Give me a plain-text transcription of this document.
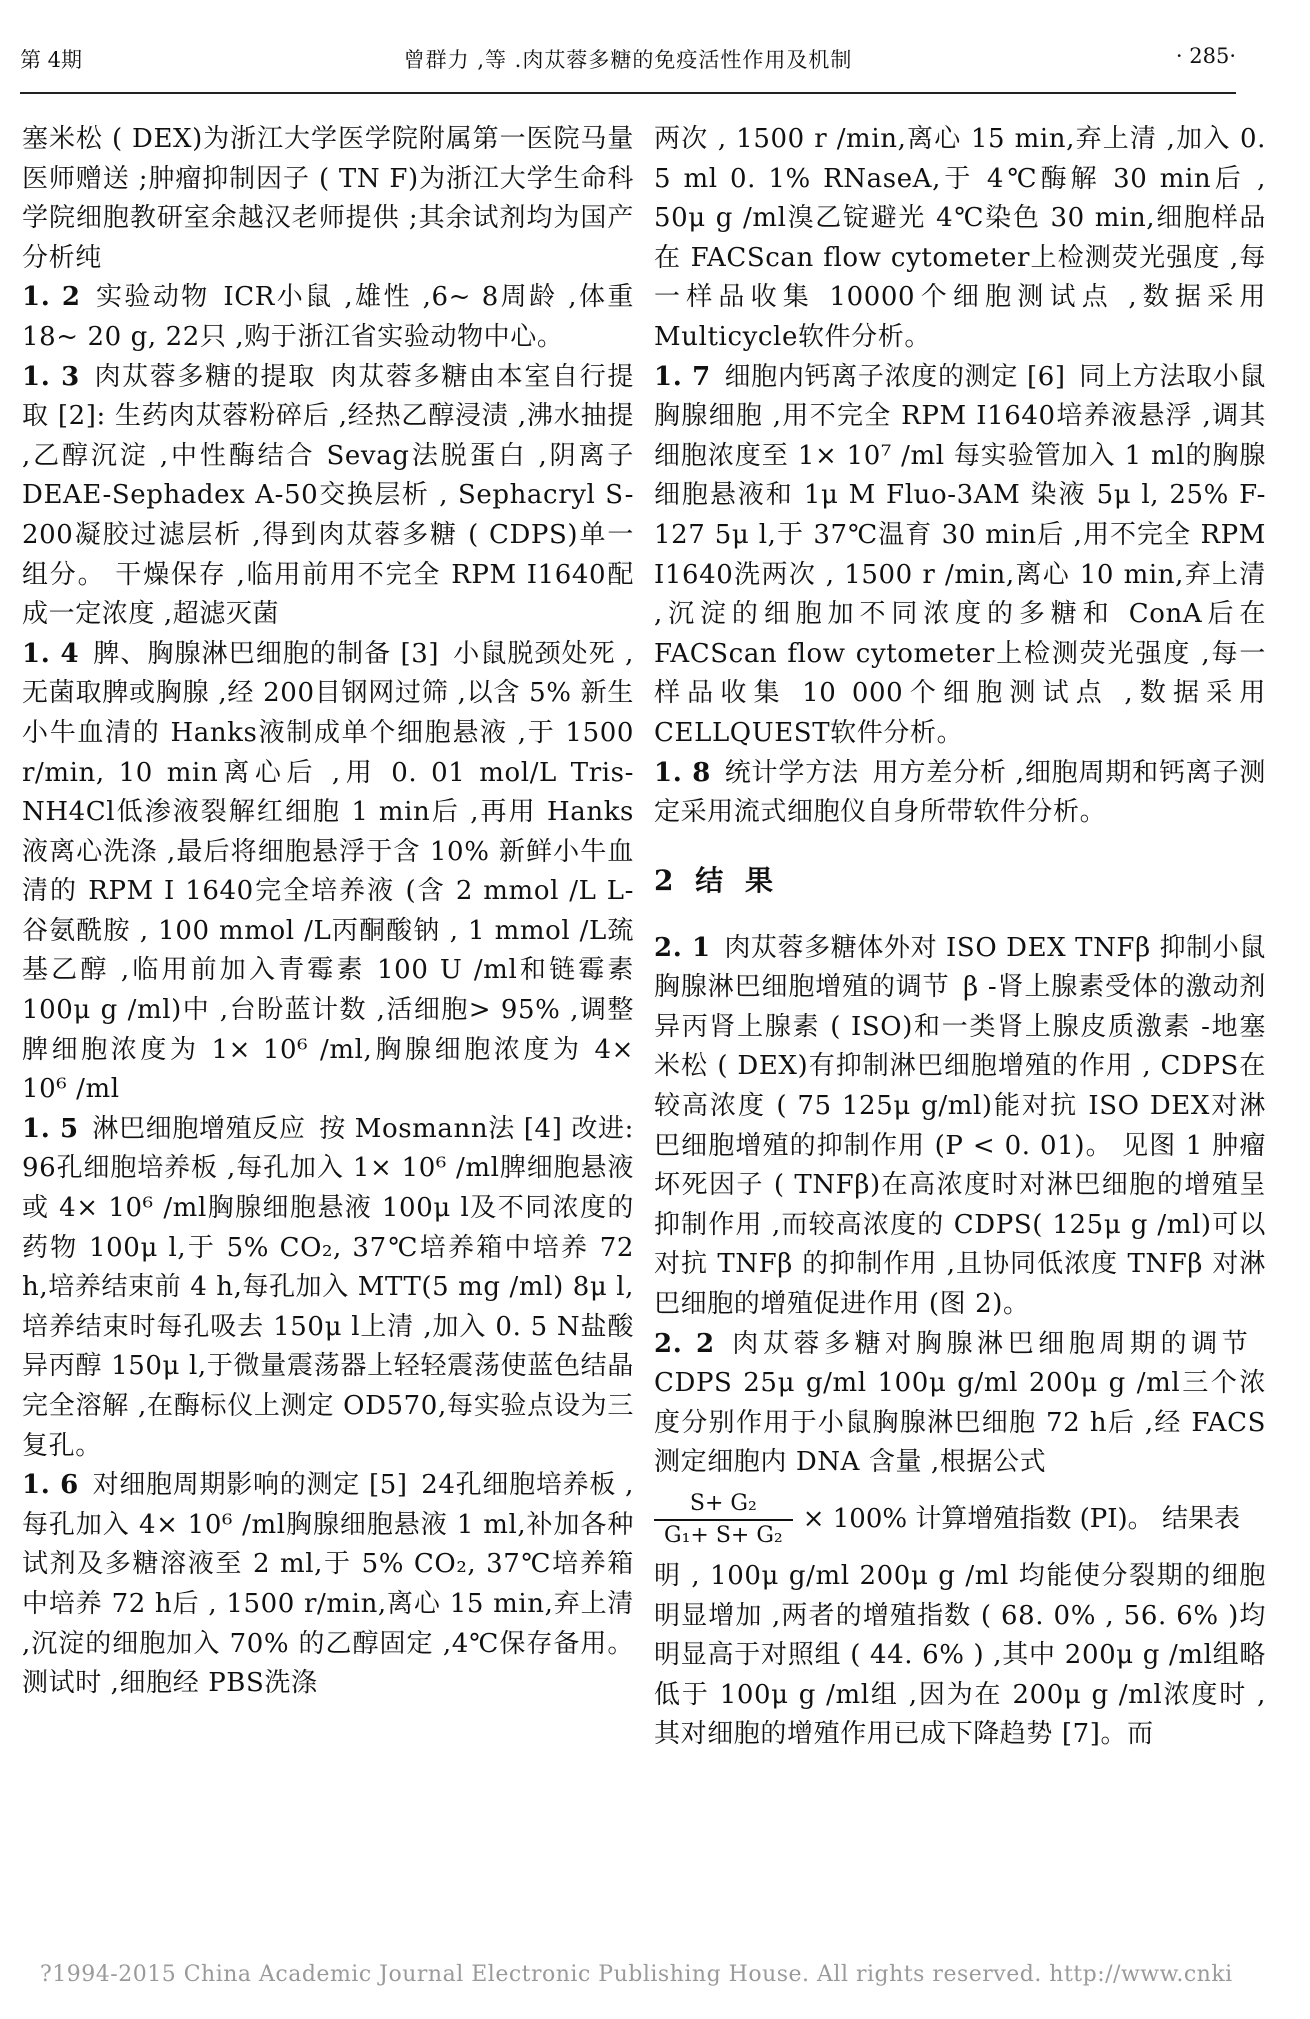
第 4期	曾群力 ,等 .肉苁蓉多糖的免疫活性作用及机制	· 285·

塞米松 ( DEX)为浙江大学医学院附属第一医院马量医师赠送 ;肿瘤抑制因子 ( TN F)为浙江大学生命科学院细胞教研室余越汉老师提供 ;其余试剂均为国产分析纯

1. 2  实验动物  ICR小鼠 ,雄性 ,6~ 8周龄 ,体重 18~ 20 g, 22只 ,购于浙江省实验动物中心。

1. 3  肉苁蓉多糖的提取  肉苁蓉多糖由本室自行提取 [2]: 生药肉苁蓉粉碎后 ,经热乙醇浸渍 ,沸水抽提 ,乙醇沉淀 ,中性酶结合 Sevag法脱蛋白 ,阴离子 DEAE-Sephadex A-50交换层析 , Sephacryl S-200凝胶过滤层析 ,得到肉苁蓉多糖 ( CDPS)单一组分。 干燥保存 ,临用前用不完全 RPM I1640配成一定浓度 ,超滤灭菌

1. 4  脾、胸腺淋巴细胞的制备 [3]  小鼠脱颈处死 ,无菌取脾或胸腺 ,经 200目钢网过筛 ,以含 5% 新生小牛血清的 Hanks液制成单个细胞悬液 ,于 1500 r/min, 10 min离心后 ,用 0. 01 mol/L Tris-NH4Cl低渗液裂解红细胞 1 min后 ,再用 Hanks 液离心洗涤 ,最后将细胞悬浮于含 10% 新鲜小牛血清的 RPM I 1640完全培养液 (含 2 mmol /L L-谷氨酰胺 , 100 mmol /L丙酮酸钠 , 1 mmol /L巯基乙醇 ,临用前加入青霉素 100 U /ml和链霉素 100μ g /ml)中 ,台盼蓝计数 ,活细胞> 95% ,调整脾细胞浓度为 1× 10⁶ /ml,胸腺细胞浓度为 4× 10⁶ /ml

1. 5  淋巴细胞增殖反应  按 Mosmann法 [4] 改进: 96孔细胞培养板 ,每孔加入 1× 10⁶ /ml脾细胞悬液或 4× 10⁶ /ml胸腺细胞悬液 100μ l及不同浓度的药物 100μ l,于 5% CO₂, 37℃培养箱中培养 72 h,培养结束前 4 h,每孔加入 MTT(5 mg /ml) 8μ l,培养结束时每孔吸去 150μ l上清 ,加入 0. 5 N盐酸异丙醇 150μ l,于微量震荡器上轻轻震荡使蓝色结晶完全溶解 ,在酶标仪上测定 OD570,每实验点设为三复孔。

1. 6  对细胞周期影响的测定 [5]  24孔细胞培养板 ,每孔加入 4× 10⁶ /ml胸腺细胞悬液 1 ml,补加各种试剂及多糖溶液至 2 ml,于 5% CO₂, 37℃培养箱中培养 72 h后 , 1500 r/min,离心 15 min,弃上清 ,沉淀的细胞加入 70% 的乙醇固定 ,4℃保存备用。 测试时 ,细胞经 PBS洗涤

两次 , 1500 r /min,离心 15 min,弃上清 ,加入 0. 5 ml 0. 1% RNaseA,于 4℃酶解 30 min后 , 50μ g /ml溴乙锭避光 4℃染色 30 min,细胞样品在 FACScan flow cytometer上检测荧光强度 ,每一样品收集 10000个细胞测试点 ,数据采用 Multicycle软件分析。

1. 7  细胞内钙离子浓度的测定 [6]  同上方法取小鼠胸腺细胞 ,用不完全 RPM I1640培养液悬浮 ,调其细胞浓度至 1× 10⁷ /ml 每实验管加入 1 ml的胸腺细胞悬液和 1μ M Fluo-3AM 染液 5μ l, 25% F-127 5μ l,于 37℃温育 30 min后 ,用不完全 RPM I1640洗两次 , 1500 r /min,离心 10 min,弃上清 ,沉淀的细胞加不同浓度的多糖和 ConA后在 FACScan flow cytometer上检测荧光强度 ,每一样品收集 10 000个细胞测试点 ,数据采用 CELLQUEST软件分析。

1. 8  统计学方法  用方差分析 ,细胞周期和钙离子测定采用流式细胞仪自身所带软件分析。

2 结 果

2. 1  肉苁蓉多糖体外对 ISO DEX TNFβ 抑制小鼠胸腺淋巴细胞增殖的调节  β -肾上腺素受体的激动剂异丙肾上腺素 ( ISO)和一类肾上腺皮质激素 -地塞米松 ( DEX)有抑制淋巴细胞增殖的作用 , CDPS在较高浓度 ( 75 125μ g/ml)能对抗 ISO DEX对淋巴细胞增殖的抑制作用 (P < 0. 01)。 见图 1 肿瘤坏死因子 ( TNFβ)在高浓度时对淋巴细胞的增殖呈抑制作用 ,而较高浓度的 CDPS( 125μ g /ml)可以对抗 TNFβ 的抑制作用 ,且协同低浓度 TNFβ 对淋巴细胞的增殖促进作用 (图 2)。

2. 2  肉苁蓉多糖对胸腺淋巴细胞周期的调节 CDPS 25μ g/ml 100μ g/ml 200μ g /ml三个浓度分别作用于小鼠胸腺淋巴细胞 72 h后 ,经 FACS 测定细胞内 DNA 含量 ,根据公式

$\frac{\text{S+ G₂}}{\text{G₁+ S+ G₂}} \times 100\%$ 计算增殖指数 (PI)。 结果表

明 , 100μ g/ml 200μ g /ml 均能使分裂期的细胞明显增加 ,两者的增殖指数 ( 68. 0% , 56. 6% )均明显高于对照组 ( 44. 6% ) ,其中 200μ g /ml组略低于 100μ g /ml组 ,因为在 200μ g /ml浓度时 ,其对细胞的增殖作用已成下降趋势 [7]。而

?1994-2015 China Academic Journal Electronic Publishing House. All rights reserved. http://www.cnki
